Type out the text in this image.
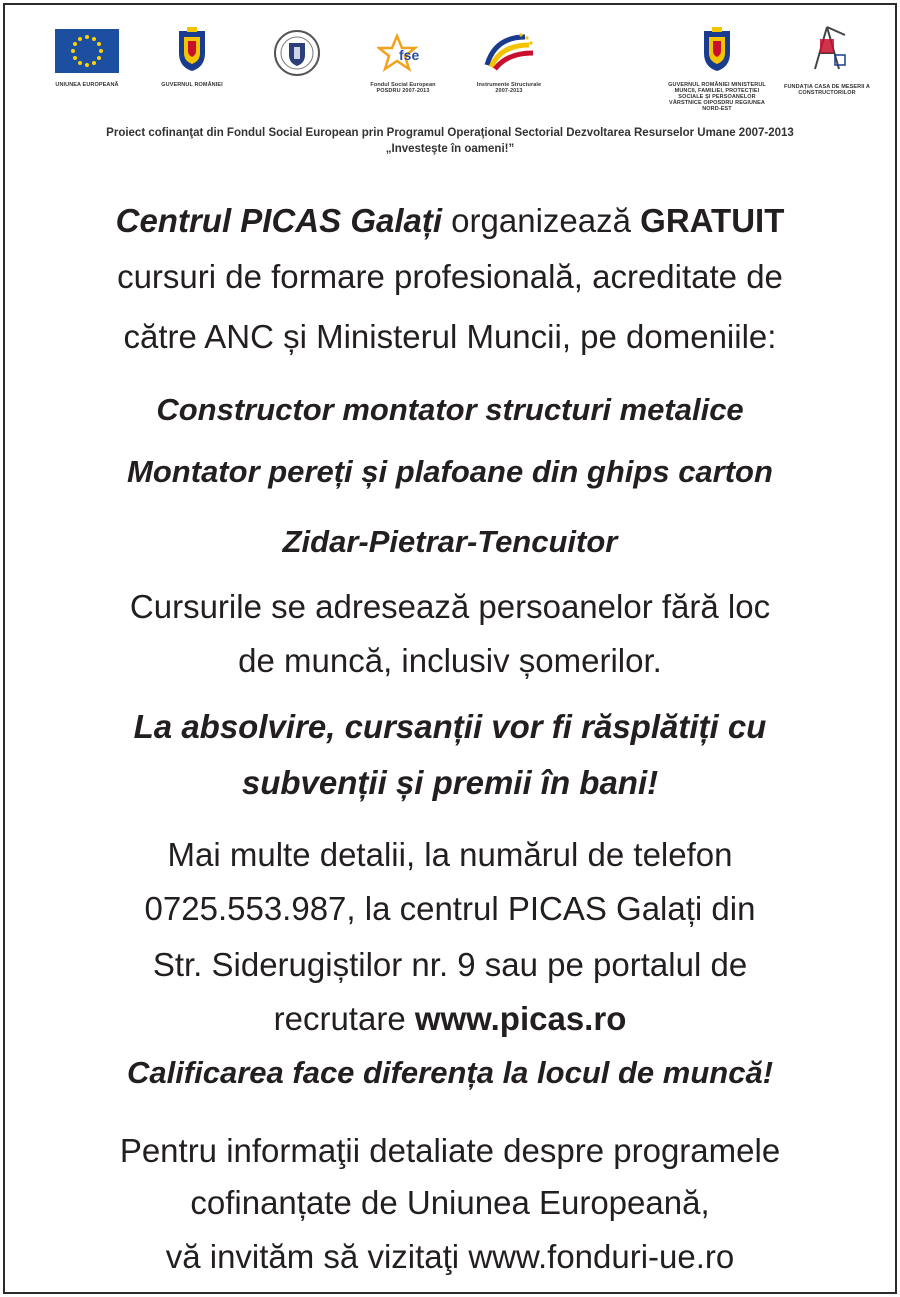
UNIUNEA EUROPEANĂ	GUVERNUL ROMÂNIEI
fse
Fondul Social European POSDRU 2007-2013
Instrumente Structurale 2007-2013
GUVERNUL ROMÂNIEI MINISTERUL MUNCII, FAMILIEI, PROTECȚIEI SOCIALE ȘI PERSOANELOR VÂRSTNICE OIPOSDRU REGIUNEA NORD-EST
FUNDAȚIA CASA DE MESERII A CONSTRUCTORILOR
Proiect cofinanţat din Fondul Social European prin Programul Operaţional Sectorial Dezvoltarea Resurselor Umane 2007-2013
„Investeşte în oameni!”
Centrul PICAS Galați organizează GRATUIT
cursuri de formare profesională, acreditate de
către ANC și Ministerul Muncii, pe domeniile:
Constructor montator structuri metalice
Montator pereți și plafoane din ghips carton
Zidar-Pietrar-Tencuitor
Cursurile se adresează persoanelor fără loc
de muncă, inclusiv șomerilor.
La absolvire, cursanții vor fi răsplătiți cu
subvenții și premii în bani!
Mai multe detalii, la numărul de telefon
0725.553.987, la centrul PICAS Galați din
Str. Siderugiștilor nr. 9 sau pe portalul de
recrutare www.picas.ro
Calificarea face diferența la locul de muncă!
Pentru informaţii detaliate despre programele
cofinanțate de Uniunea Europeană,
vă invităm să vizitaţi www.fonduri-ue.ro
